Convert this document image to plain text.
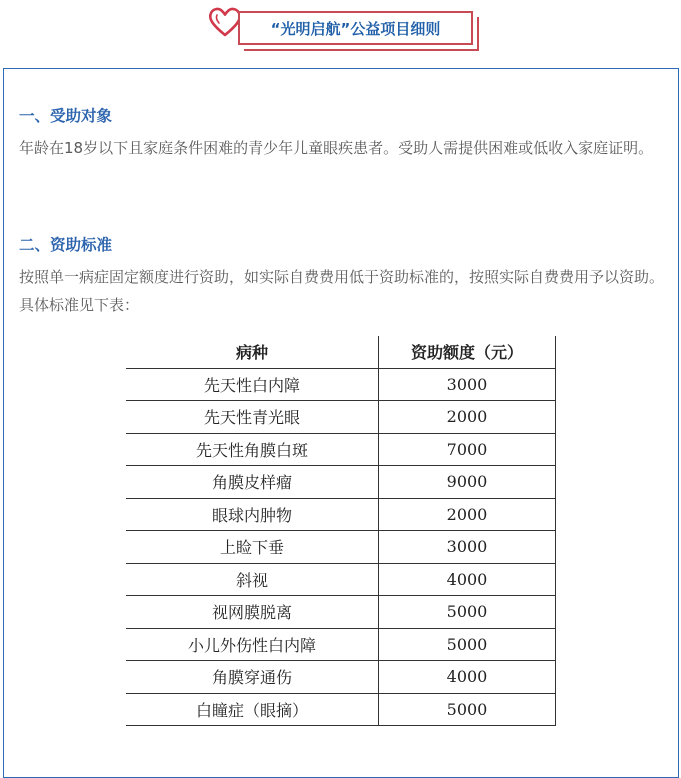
“光明启航”公益项目细则
一、受助对象
年龄在18岁以下且家庭条件困难的青少年儿童眼疾患者。受助人需提供困难或低收入家庭证明。
二、资助标准
按照单一病症固定额度进行资助，如实际自费费用低于资助标准的，按照实际自费费用予以资助。具体标准见下表：
病种	资助额度（元）
先天性白内障	3000
先天性青光眼	2000
先天性角膜白斑	7000
角膜皮样瘤	9000
眼球内肿物	2000
上睑下垂	3000
斜视	4000
视网膜脱离	5000
小儿外伤性白内障	5000
角膜穿通伤	4000
白瞳症（眼摘）	5000
